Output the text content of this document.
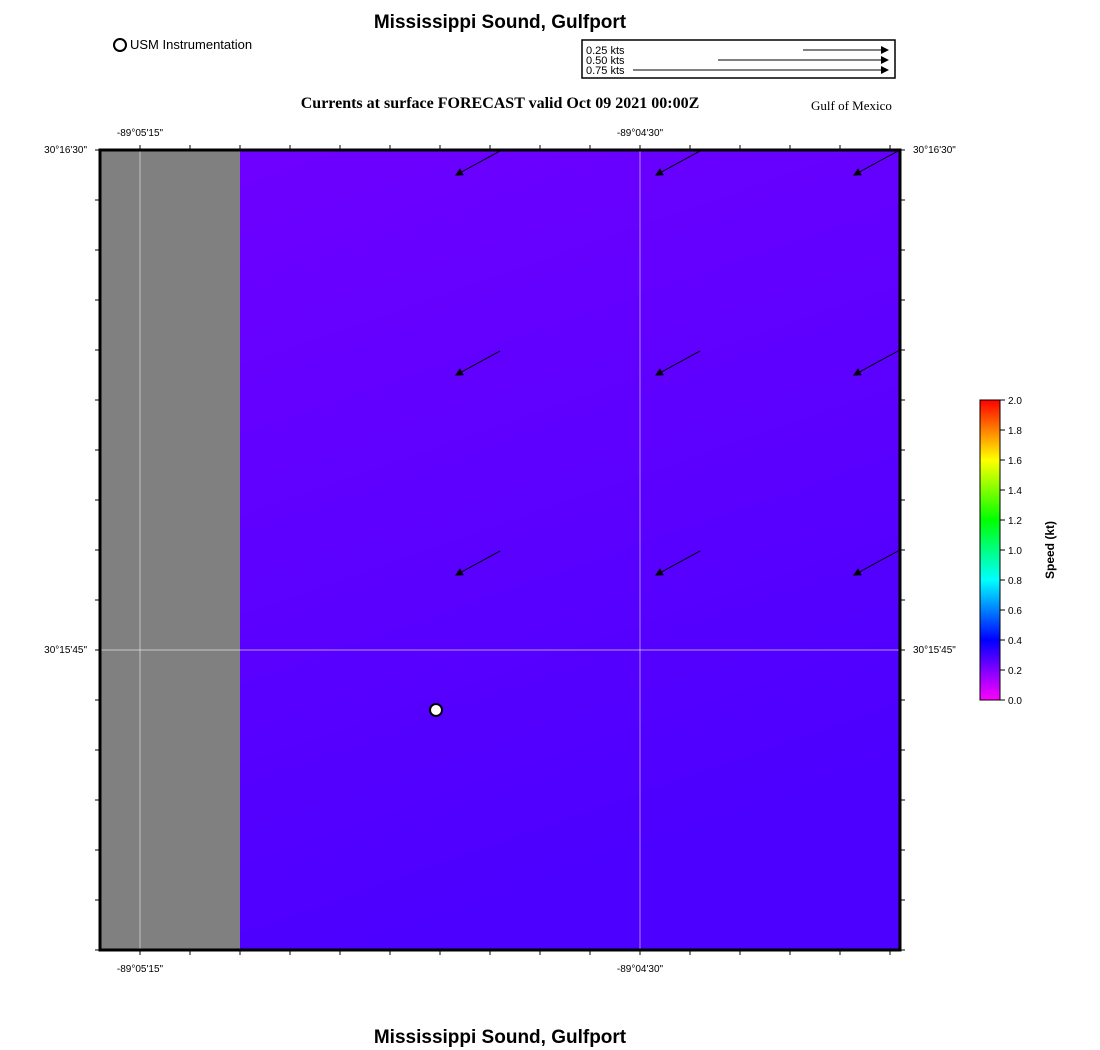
Mississippi Sound, Gulfport
USM Instrumentation
Currents at surface FORECAST valid Oct 09 2021 00:00Z	Gulf of Mexico
0.25 kts
0.50 kts
0.75 kts
-89°05'15"
-89°05'15"
-89°04'30"
-89°04'30"
30°16'30"	30°16'30"
30°15'45"	30°15'45"
2.0
1.8
1.6
1.4
1.2
1.0
0.8
0.6
0.4
0.2
0.0
Speed (kt)
Mississippi Sound, Gulfport
